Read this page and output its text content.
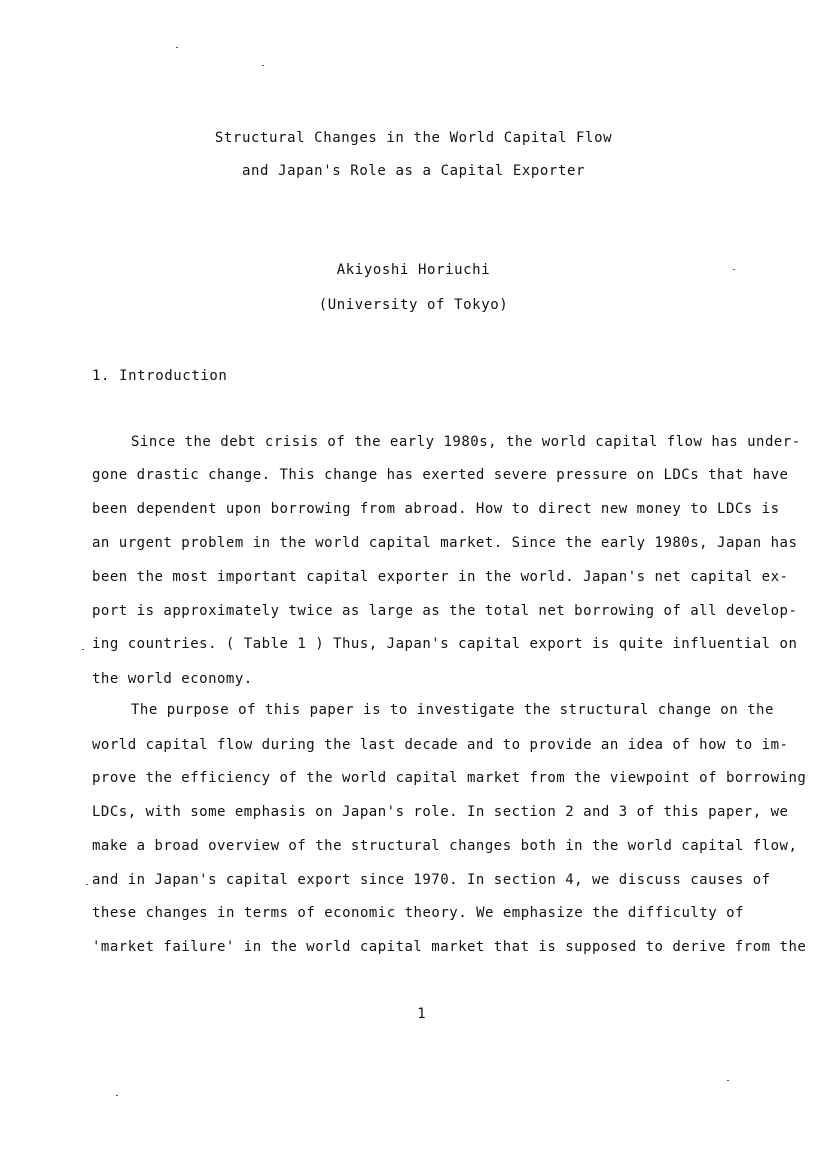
Structural Changes in the World Capital Flow
and Japan's Role as a Capital Exporter
Akiyoshi Horiuchi
(University of Tokyo)
1. Introduction
Since the debt crisis of the early 1980s, the world capital flow has under-
gone drastic change. This change has exerted severe pressure on LDCs that have
been dependent upon borrowing from abroad. How to direct new money to LDCs is
an urgent problem in the world capital market. Since the early 1980s, Japan has
been the most important capital exporter in the world. Japan's net capital ex-
port is approximately twice as large as the total net borrowing of all develop-
ing countries. ( Table 1 ) Thus, Japan's capital export is quite influential on
the world economy.
The purpose of this paper is to investigate the structural change on the
world capital flow during the last decade and to provide an idea of how to im-
prove the efficiency of the world capital market from the viewpoint of borrowing
LDCs, with some emphasis on Japan's role. In section 2 and 3 of this paper, we
make a broad overview of the structural changes both in the world capital flow,
and in Japan's capital export since 1970. In section 4, we discuss causes of
these changes in terms of economic theory. We emphasize the difficulty of
'market failure' in the world capital market that is supposed to derive from the
1
